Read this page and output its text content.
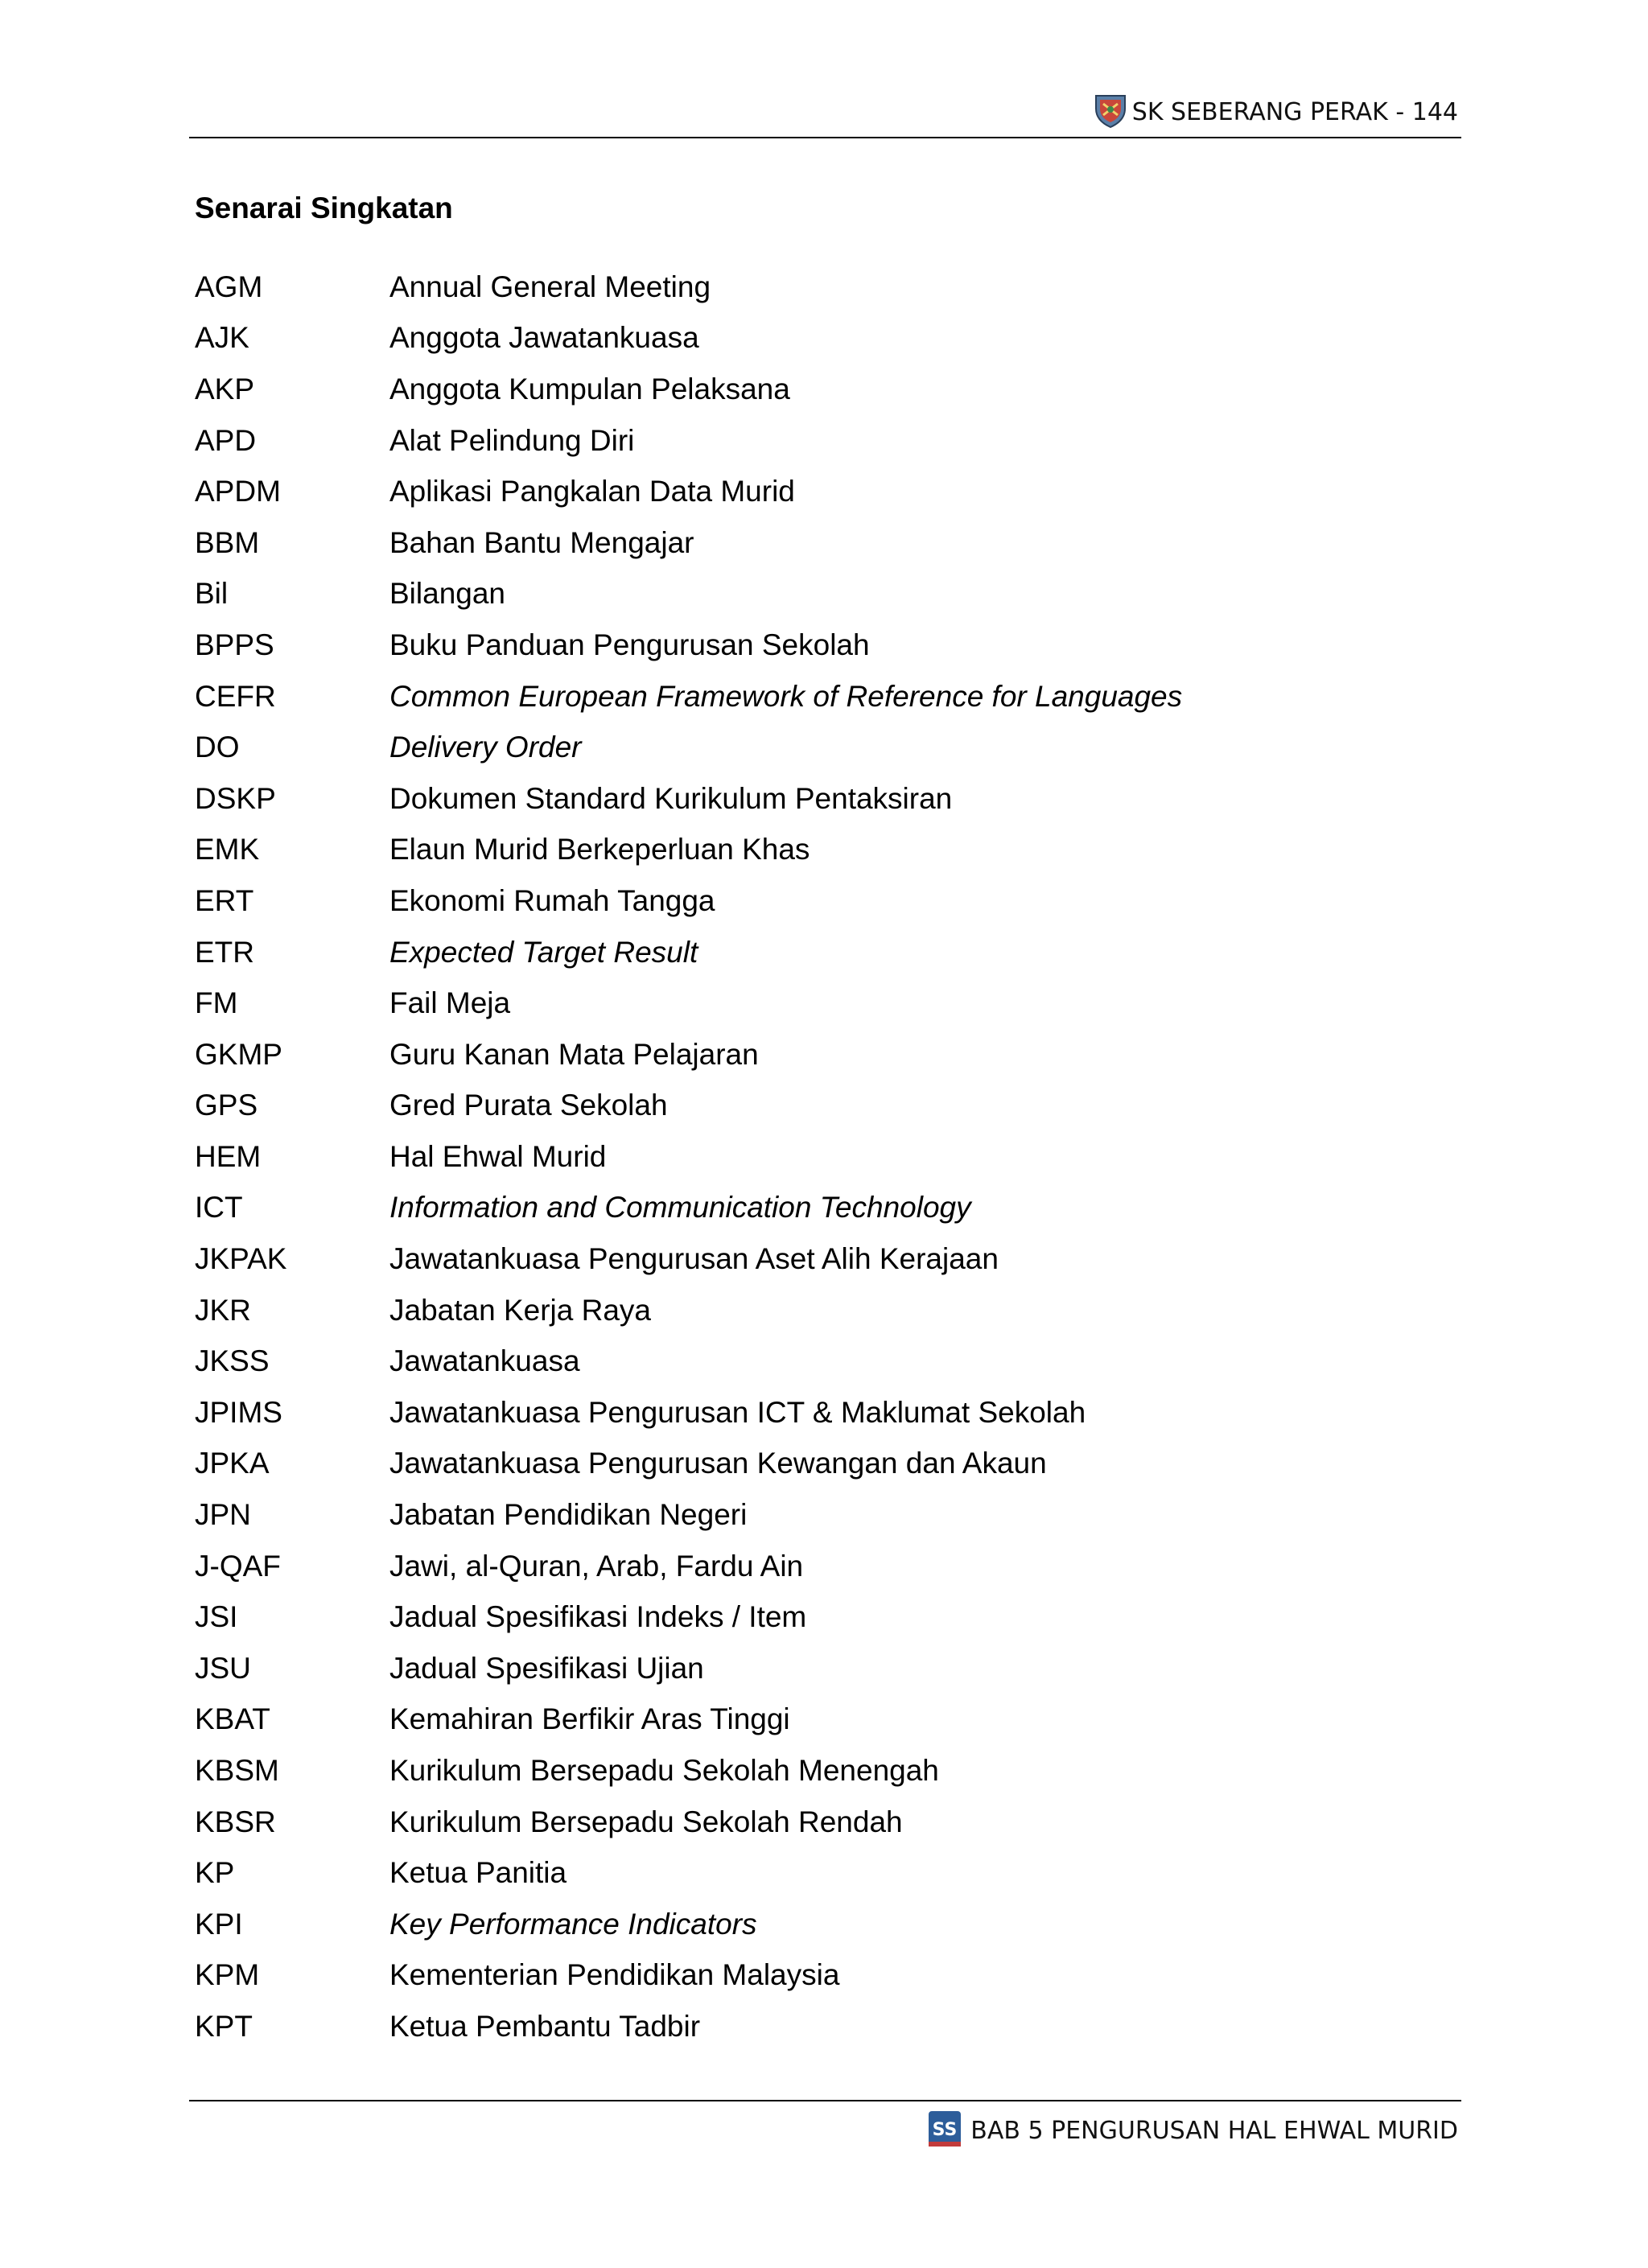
SK SEBERANG PERAK - 144
Senarai Singkatan
AGM	Annual General Meeting
AJK	Anggota Jawatankuasa
AKP	Anggota Kumpulan Pelaksana
APD	Alat Pelindung Diri
APDM	Aplikasi Pangkalan Data Murid
BBM	Bahan Bantu Mengajar
Bil	Bilangan
BPPS	Buku Panduan Pengurusan Sekolah
CEFR	Common European Framework of Reference for Languages
DO	Delivery Order
DSKP	Dokumen Standard Kurikulum Pentaksiran
EMK	Elaun Murid Berkeperluan Khas
ERT	Ekonomi Rumah Tangga
ETR	Expected Target Result
FM	Fail Meja
GKMP	Guru Kanan Mata Pelajaran
GPS	Gred Purata Sekolah
HEM	Hal Ehwal Murid
ICT	Information and Communication Technology
JKPAK	Jawatankuasa Pengurusan Aset Alih Kerajaan
JKR	Jabatan Kerja Raya
JKSS	Jawatankuasa
JPIMS	Jawatankuasa Pengurusan ICT & Maklumat Sekolah
JPKA	Jawatankuasa Pengurusan Kewangan dan Akaun
JPN	Jabatan Pendidikan Negeri
J-QAF	Jawi, al-Quran, Arab, Fardu Ain
JSI	Jadual Spesifikasi Indeks / Item
JSU	Jadual Spesifikasi Ujian
KBAT	Kemahiran Berfikir Aras Tinggi
KBSM	Kurikulum Bersepadu Sekolah Menengah
KBSR	Kurikulum Bersepadu Sekolah Rendah
KP	Ketua Panitia
KPI	Key Performance Indicators
KPM	Kementerian Pendidikan Malaysia
KPT	Ketua Pembantu Tadbir
SS BAB 5 PENGURUSAN HAL EHWAL MURID
